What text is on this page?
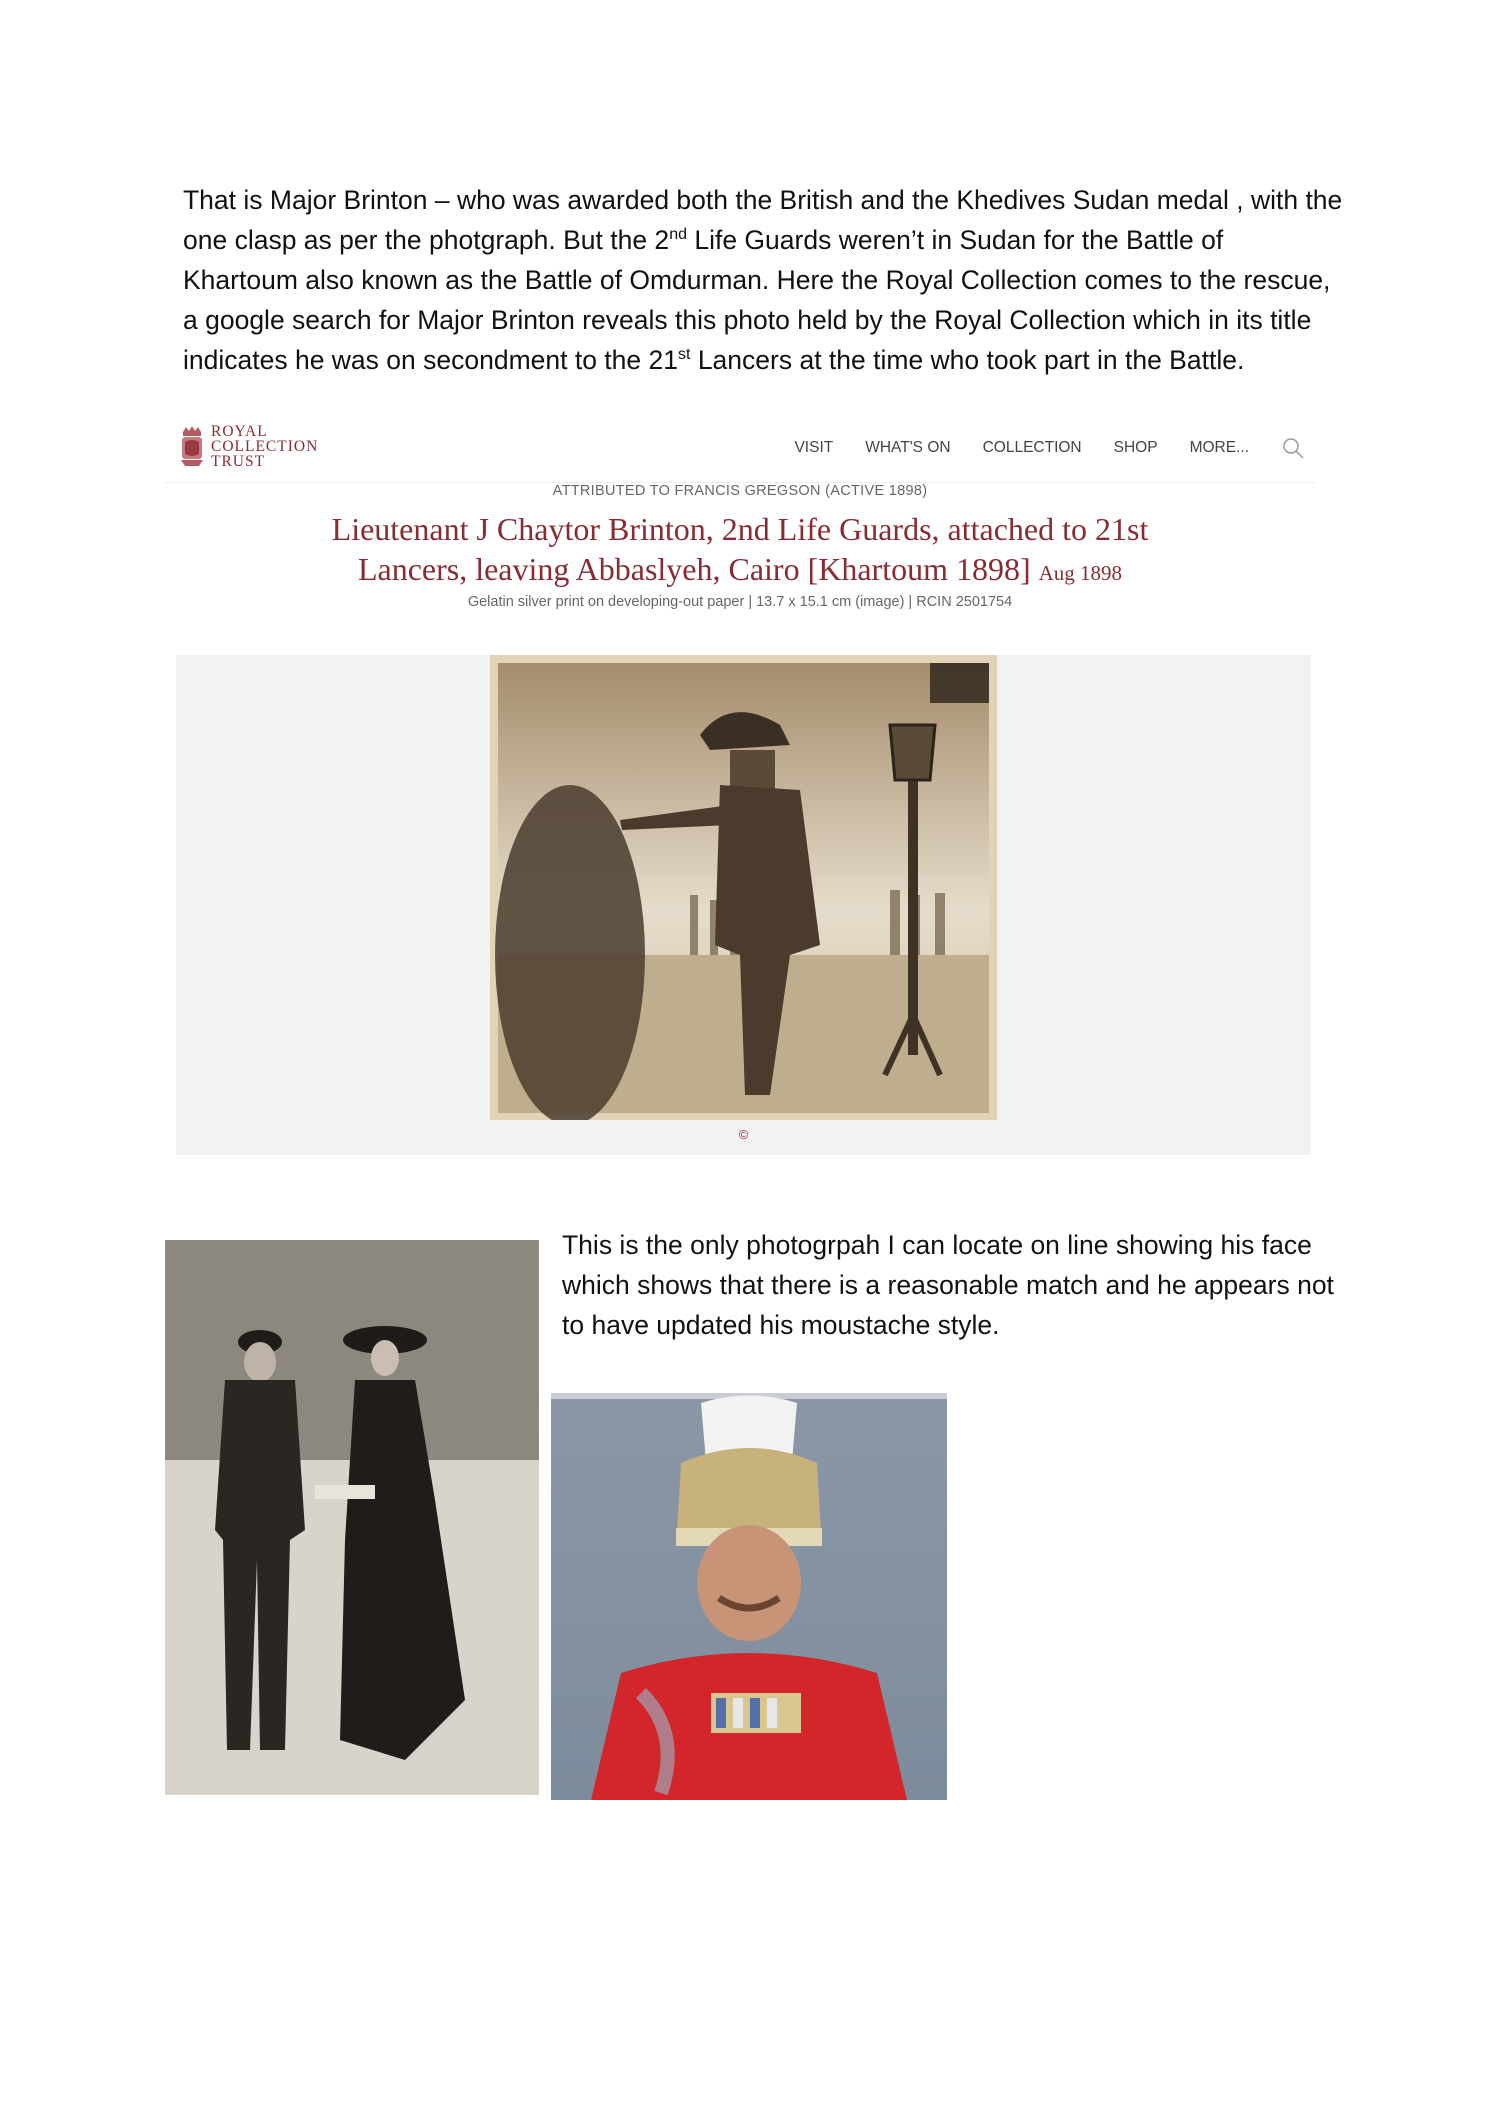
That is Major Brinton – who was awarded both the British and the Khedives Sudan medal , with the one clasp as per the photgraph. But the 2nd Life Guards weren’t in Sudan for the Battle of Khartoum also known as the Battle of Omdurman. Here the Royal Collection comes to the rescue, a google search for Major Brinton reveals this photo held by the Royal Collection which in its title indicates he was on secondment to the 21st Lancers at the time who took part in the Battle.
ROYAL
COLLECTION
TRUST
VISIT WHAT'S ON COLLECTION SHOP MORE...
ATTRIBUTED TO FRANCIS GREGSON (ACTIVE 1898)
Lieutenant J Chaytor Brinton, 2nd Life Guards, attached to 21st
Lancers, leaving Abbaslyeh, Cairo [Khartoum 1898] Aug 1898
Gelatin silver print on developing-out paper | 13.7 x 15.1 cm (image) | RCIN 2501754
©
This is the only photogrpah I can locate on line showing his face which shows that there is a reasonable match and he appears not to have updated his moustache style.
